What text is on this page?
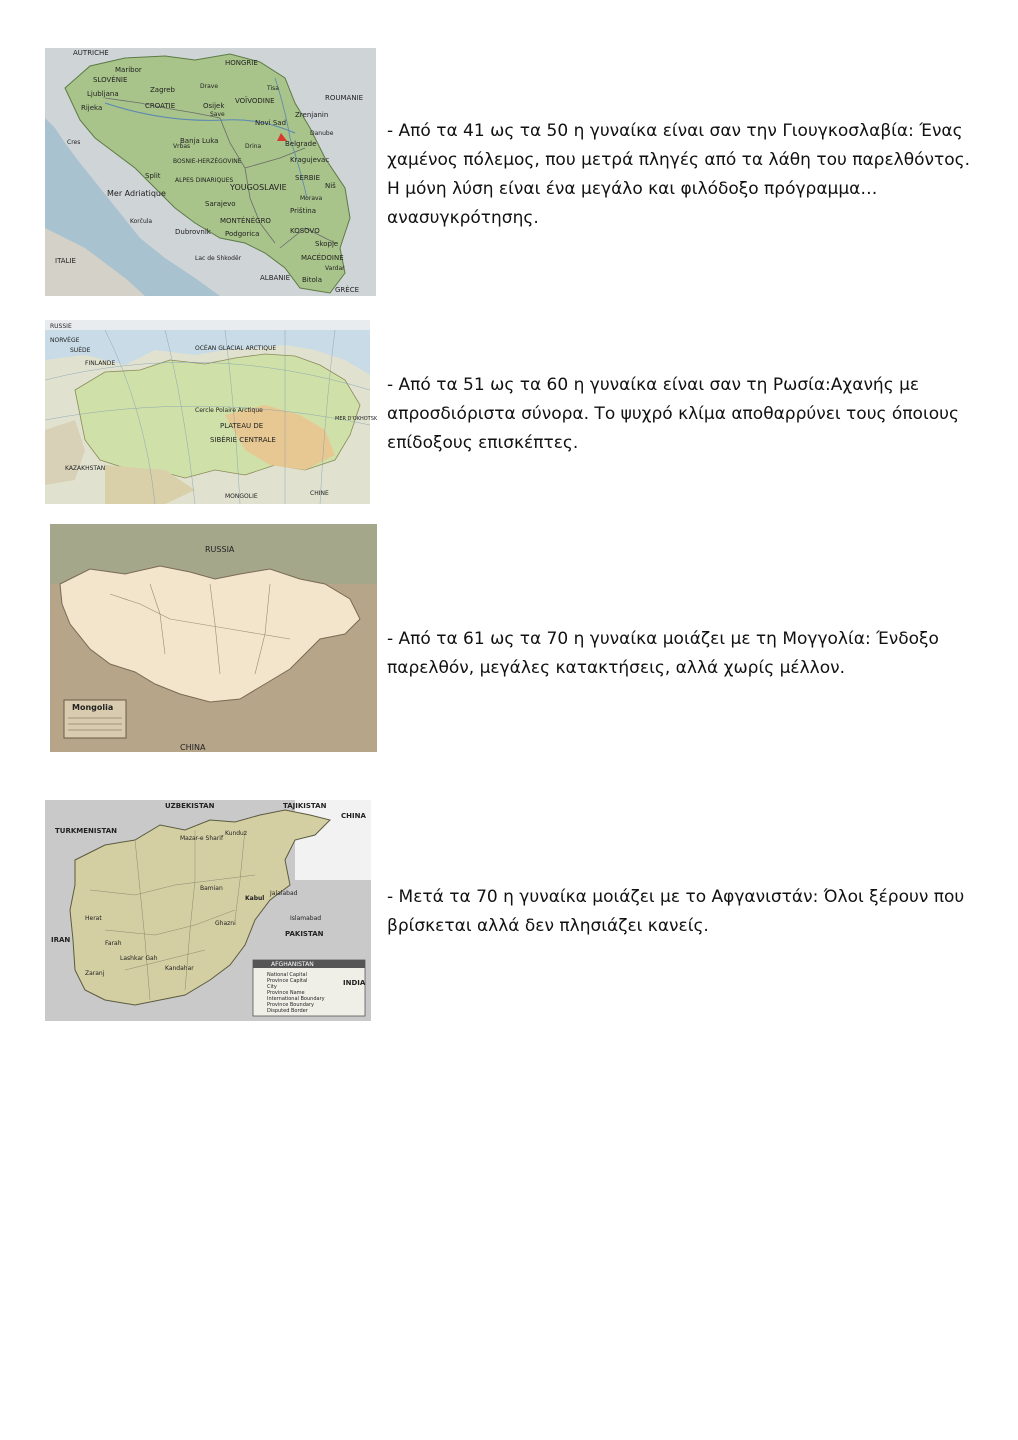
AUTRICHE
HONGRIE
SLOVÉNIE
Maribor
Ljubljana	Zagreb
CROATIE	Osijek
VOÏVODINE
Novi Sad
Zrenjanin
ROUMANIE
Rijeka
Banja Luka	Belgrade
BOSNIE-HERZÉGOVINE
ALPES DINARIQUES
YOUGOSLAVIE
SERBIE
Kragujevac
Split
Sarajevo
Niš
Mer Adriatique
MONTÉNÉGRO
Priština
KOSOVO
Dubrovnik Podgorica
Skopje
MACÉDOINE
Bitola
ITALIE
ALBANIE
GRÈCE
Danube
Drave
Save
Tisa
Drina
Morava
Vardar
Lac de Shkodër
Korčula
Cres
Vrbas

- Από τα 41 ως τα 50 η γυναίκα είναι σαν την Γιουγκοσλαβία: Ένας χαμένος πόλεμος, που μετρά πληγές από τα λάθη του παρελθόντος. Η μόνη λύση είναι ένα μεγάλο και φιλόδοξο πρόγραμμα… ανασυγκρότησης.

RUSSIE
NORVÈGE
SUÈDE
FINLANDE
Cercle Polaire Arctique
PLATEAU DE
SIBÉRIE CENTRALE
KAZAKHSTAN
MONGOLIE	CHINE
MER D'OKHOTSK
OCÉAN GLACIAL ARCTIQUE

- Από τα 51 ως τα 60 η γυναίκα είναι σαν τη Ρωσία:Αχανής με απροσδιόριστα σύνορα. Το ψυχρό κλίμα αποθαρρύνει τους όποιους επίδοξους επισκέπτες.

Mongolia
RUSSIA
CHINA

- Από τα 61 ως τα 70 η γυναίκα μοιάζει με τη Μογγολία: Ένδοξο παρελθόν, μεγάλες κατακτήσεις, αλλά χωρίς μέλλον.

AFGHANISTAN
National Capital
Province Capital
City
Province Name
International Boundary
Province Boundary
Disputed Border
UZBEKISTAN	TAJIKISTAN
CHINA
TURKMENISTAN
IRAN
PAKISTAN
INDIA
Kabul
Islamabad
Herat
Kandahar
Mazar-e Sharif
Kunduz
Jalalabad
Ghazni
Farah
Zaranj
Lashkar Gah
Bamian	- Μετά τα 70 η γυναίκα μοιάζει με το Αφγανιστάν: Όλοι ξέρουν που βρίσκεται αλλά δεν πλησιάζει κανείς.
